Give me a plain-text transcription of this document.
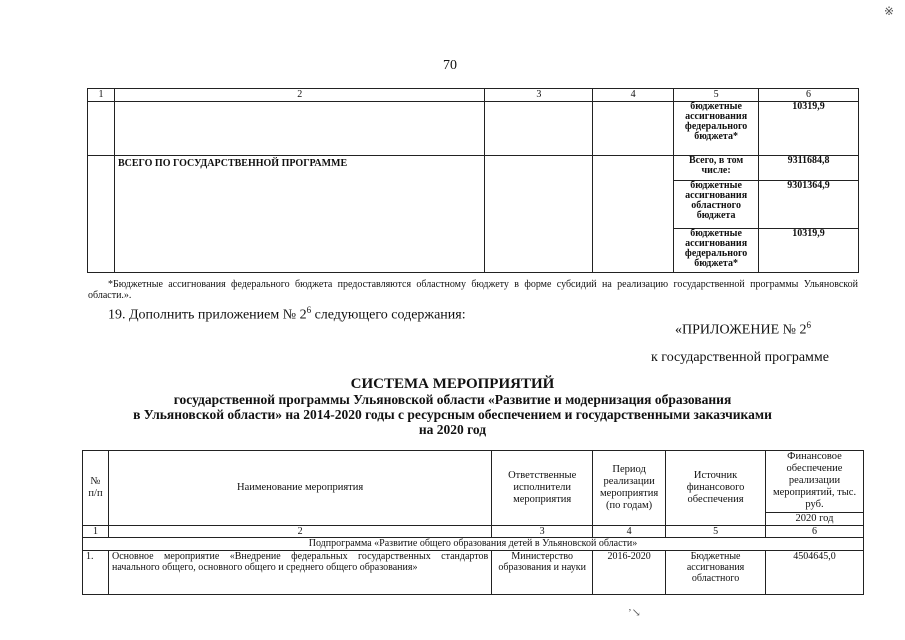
70
1	2	3	4	5	6
				бюджетные ассигнования федерального бюджета*	10319,9
	ВСЕГО ПО ГОСУДАРСТВЕННОЙ ПРОГРАММЕ			Всего, в том числе:	9311684,8
				бюджетные ассигнования областного бюджета	9301364,9
				бюджетные ассигнования федерального бюджета*	10319,9
*Бюджетные ассигнования федерального бюджета предоставляются областному бюджету в форме субсидий на реализацию государственной программы Ульяновской области.».
19. Дополнить приложением № $2^6$ следующего содержания:
«ПРИЛОЖЕНИЕ № $2^6$
к государственной программе
СИСТЕМА МЕРОПРИЯТИЙ
государственной программы Ульяновской области «Развитие и модернизация образования
в Ульяновской области» на 2014-2020 годы с ресурсным обеспечением и государственными заказчиками
на 2020 год
№ п/п	Наименование мероприятия	Ответственные исполнители мероприятия	Период реализации мероприятия (по годам)	Источник финансового обеспечения	Финансовое обеспечение реализации мероприятий, тыс. руб.
					2020 год
1	2	3	4	5	6
Подпрограмма «Развитие общего образования детей в Ульяновской области»					
1.	Основное мероприятие «Внедрение федеральных государственных стандартов начального общего, основного общего и среднего общего образования»	Министерство образования и науки	2016-2020	Бюджетные ассигнования областного	4504645,0
※
ʼ↘
